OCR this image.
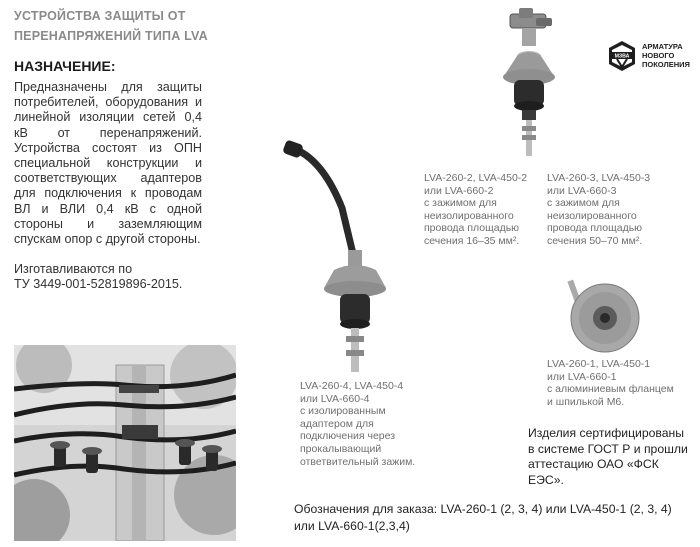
УСТРОЙСТВА ЗАЩИТЫ ОТ
ПЕРЕНАПРЯЖЕНИЙ ТИПА LVA
НАЗНАЧЕНИЕ:
Предназначены для защиты потребителей, оборудования и линейной изоляции сетей 0,4 кВ от перенапряжений. Устройства состоят из ОПН специальной конструкции и соответствующих адаптеров для подключения к проводам ВЛ и ВЛИ 0,4 кВ с одной стороны и заземляющим спускам опор с другой стороны.
Изготавливаются по
ТУ 3449-001-52819896-2015.
МЗВА
АРМАТУРА
НОВОГО
ПОКОЛЕНИЯ
LVA-260-2, LVA-450-2
или LVA-660-2
с зажимом для
неизолированного
провода площадью
сечения 16–35 мм².
LVA-260-3, LVA-450-3
или LVA-660-3
с зажимом для
неизолированного
провода площадью
сечения 50–70 мм².
LVA-260-4, LVA-450-4
или LVA-660-4
с изолированным
адаптером для
подключения через
прокалывающий
ответвительный зажим.
LVA-260-1, LVA-450-1
или LVA-660-1
с алюминиевым фланцем
и шпилькой М6.
Изделия сертифицированы
в системе ГОСТ Р и прошли
аттестацию ОАО «ФСК ЕЭС».
Обозначения для заказа: LVA-260-1 (2, 3, 4) или LVA-450-1 (2, 3, 4)
или LVA-660-1(2,3,4)
